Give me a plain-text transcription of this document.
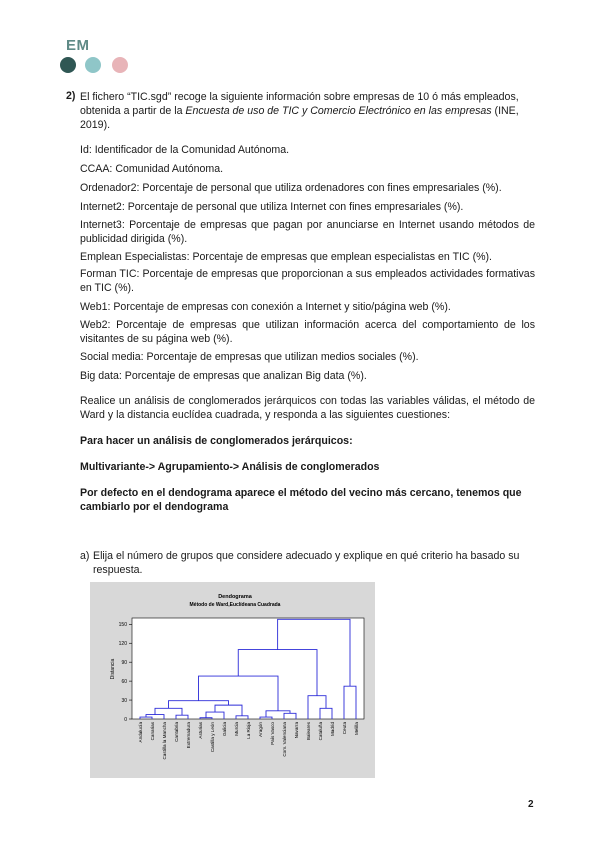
EM
2) El fichero “TIC.sgd” recoge la siguiente información sobre empresas de 10 ó más empleados,
obtenida a partir de la Encuesta de uso de TIC y Comercio Electrónico en las empresas (INE,
2019).
Id: Identificador de la Comunidad Autónoma.
CCAA: Comunidad Autónoma.
Ordenador2: Porcentaje de personal que utiliza ordenadores con fines empresariales (%).
Internet2: Porcentaje de personal que utiliza Internet con fines empresariales (%).
Internet3: Porcentaje de empresas que pagan por anunciarse en Internet usando métodos de publicidad dirigida (%).
Emplean Especialistas: Porcentaje de empresas que emplean especialistas en TIC (%).
Forman TIC: Porcentaje de empresas que proporcionan a sus empleados actividades formativas en TIC (%).
Web1: Porcentaje de empresas con conexión a Internet y sitio/página web (%).
Web2: Porcentaje de empresas que utilizan información acerca del comportamiento de los visitantes de su página web (%).
Social media: Porcentaje de empresas que utilizan medios sociales (%).
Big data: Porcentaje de empresas que analizan Big data (%).
Realice un análisis de conglomerados jerárquicos con todas las variables válidas, el método de Ward y la distancia euclídea cuadrada, y responda a las siguientes cuestiones:
Para hacer un análisis de conglomerados jerárquicos:
Multivariante-> Agrupamiento-> Análisis de conglomerados
Por defecto en el dendograma aparece el método del vecino más cercano, tenemos que cambiarlo por el dendograma
a) Elija el número de grupos que considere adecuado y explique en qué criterio ha basado su respuesta.
Dendograma
Método de Ward,Euclídeana Cuadrada
Distancia
0
30
60
90
120
150
Andalucía Canarias Castilla la Mancha Cantabria Extremadura Asturias Castilla y León Galicia Murcia La Rioja Aragón País Vasco Com. Valenciana Navarra Baleares Cataluña Madrid Ceuta Melilla
2
